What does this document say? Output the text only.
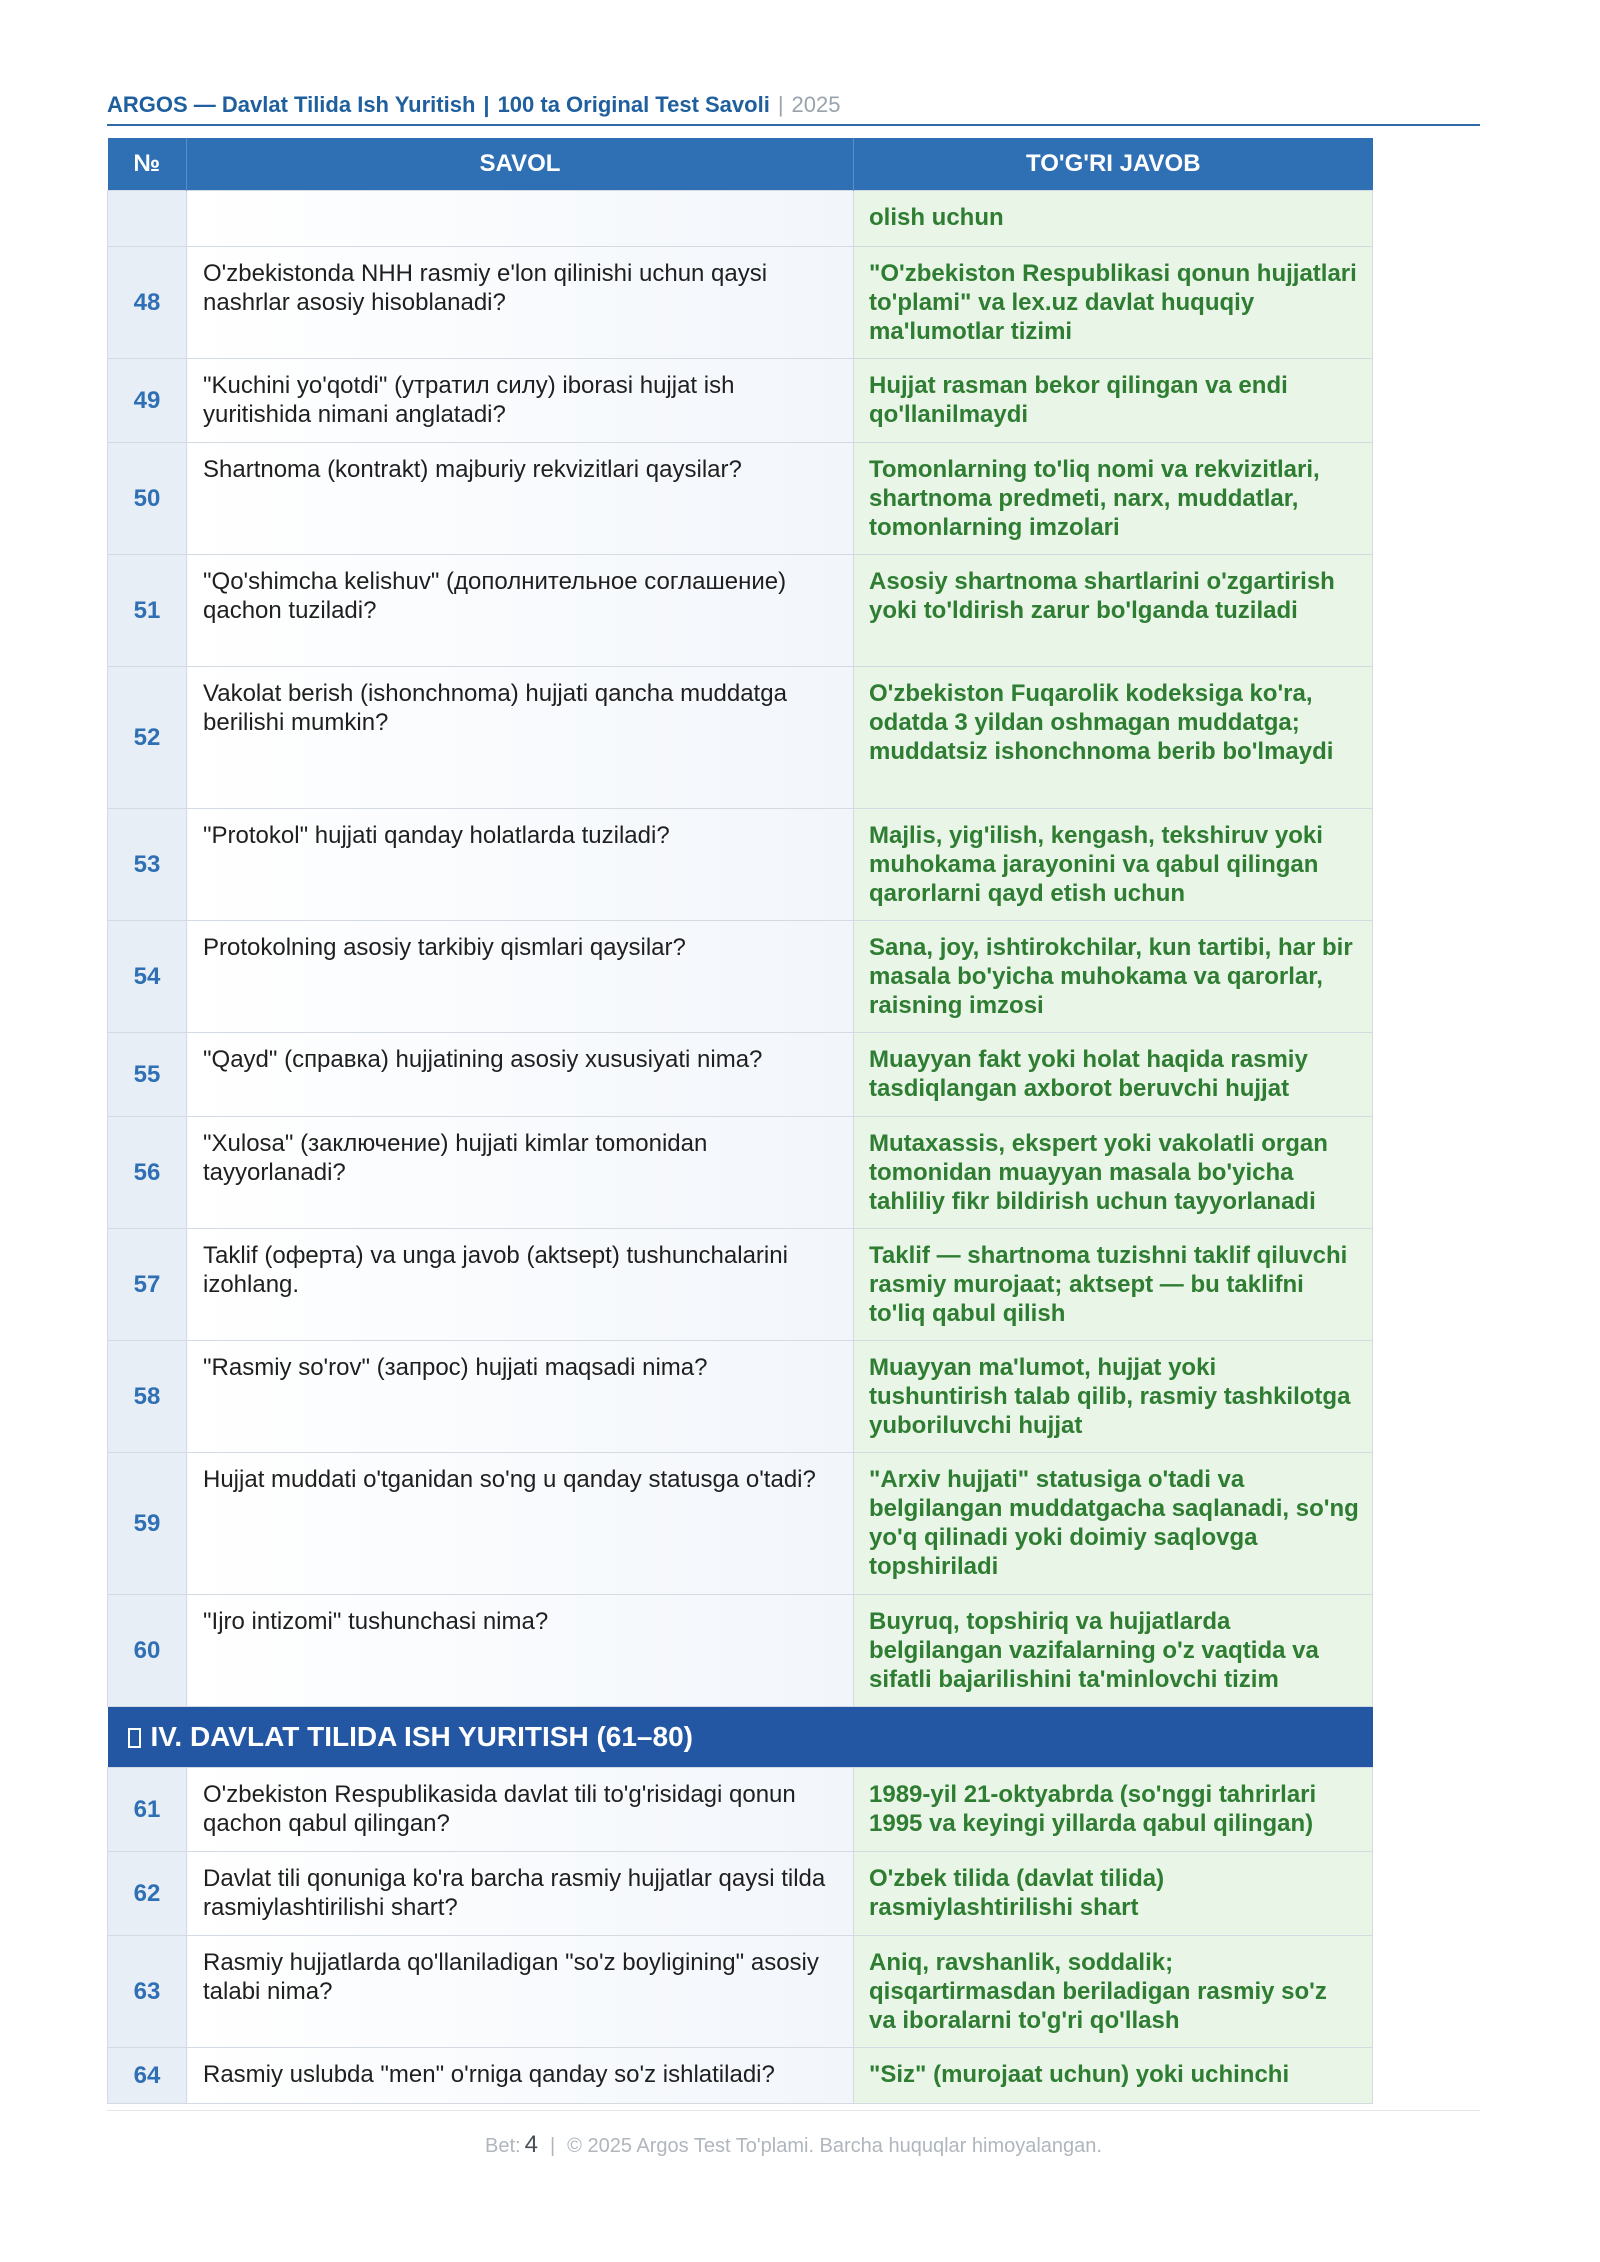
ARGOS — Davlat Tilida Ish Yuritish | 100 ta Original Test Savoli | 2025
№	SAVOL	TO'G'RI JAVOB
		olish uchun
48	O'zbekistonda NHH rasmiy e'lon qilinishi uchun qaysi nashrlar asosiy hisoblanadi?	"O'zbekiston Respublikasi qonun hujjatlari to'plami" va lex.uz davlat huquqiy ma'lumotlar tizimi
49	"Kuchini yo'qotdi" (утратил силу) iborasi hujjat ish yuritishida nimani anglatadi?	Hujjat rasman bekor qilingan va endi qo'llanilmaydi
50	Shartnoma (kontrakt) majburiy rekvizitlari qaysilar?	Tomonlarning to'liq nomi va rekvizitlari, shartnoma predmeti, narx, muddatlar, tomonlarning imzolari
51	"Qo'shimcha kelishuv" (дополнительное соглашение) qachon tuziladi?	Asosiy shartnoma shartlarini o'zgartirish yoki to'ldirish zarur bo'lganda tuziladi
52	Vakolat berish (ishonchnoma) hujjati qancha muddatga berilishi mumkin?	O'zbekiston Fuqarolik kodeksiga ko'ra, odatda 3 yildan oshmagan muddatga; muddatsiz ishonchnoma berib bo'lmaydi
53	"Protokol" hujjati qanday holatlarda tuziladi?	Majlis, yig'ilish, kengash, tekshiruv yoki muhokama jarayonini va qabul qilingan qarorlarni qayd etish uchun
54	Protokolning asosiy tarkibiy qismlari qaysilar?	Sana, joy, ishtirokchilar, kun tartibi, har bir masala bo'yicha muhokama va qarorlar, raisning imzosi
55	"Qayd" (справка) hujjatining asosiy xususiyati nima?	Muayyan fakt yoki holat haqida rasmiy tasdiqlangan axborot beruvchi hujjat
56	"Xulosa" (заключение) hujjati kimlar tomonidan tayyorlanadi?	Mutaxassis, ekspert yoki vakolatli organ tomonidan muayyan masala bo'yicha tahliliy fikr bildirish uchun tayyorlanadi
57	Taklif (оферта) va unga javob (aktsept) tushunchalarini izohlang.	Taklif — shartnoma tuzishni taklif qiluvchi rasmiy murojaat; aktsept — bu taklifni to'liq qabul qilish
58	"Rasmiy so'rov" (запрос) hujjati maqsadi nima?	Muayyan ma'lumot, hujjat yoki tushuntirish talab qilib, rasmiy tashkilotga yuboriluvchi hujjat
59	Hujjat muddati o'tganidan so'ng u qanday statusga o'tadi?	"Arxiv hujjati" statusiga o'tadi va belgilangan muddatgacha saqlanadi, so'ng yo'q qilinadi yoki doimiy saqlovga topshiriladi
60	"Ijro intizomi" tushunchasi nima?	Buyruq, topshiriq va hujjatlarda belgilangan vazifalarning o'z vaqtida va sifatli bajarilishini ta'minlovchi tizim
IV. DAVLAT TILIDA ISH YURITISH (61–80)		
61	O'zbekiston Respublikasida davlat tili to'g'risidagi qonun qachon qabul qilingan?	1989-yil 21-oktyabrda (so'nggi tahrirlari 1995 va keyingi yillarda qabul qilingan)
62	Davlat tili qonuniga ko'ra barcha rasmiy hujjatlar qaysi tilda rasmiylashtirilishi shart?	O'zbek tilida (davlat tilida) rasmiylashtirilishi shart
63	Rasmiy hujjatlarda qo'llaniladigan "so'z boyligining" asosiy talabi nima?	Aniq, ravshanlik, soddalik; qisqartirmasdan beriladigan rasmiy so'z va iboralarni to'g'ri qo'llash
64	Rasmiy uslubda "men" o'rniga qanday so'z ishlatiladi?	"Siz" (murojaat uchun) yoki uchinchi
Bet: 4 | © 2025 Argos Test To'plami. Barcha huquqlar himoyalangan.
